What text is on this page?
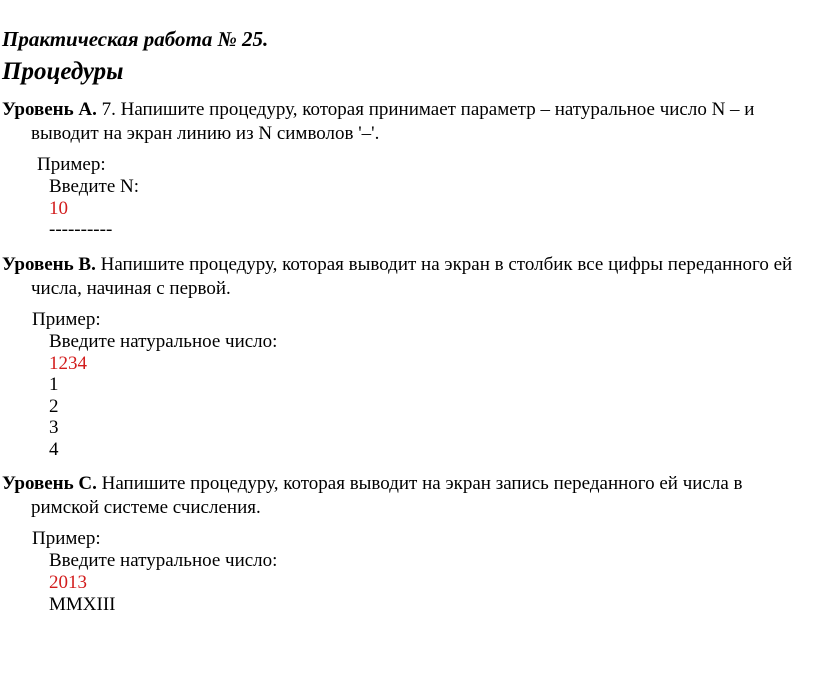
Практическая работа № 25.
Процедуры
Уровень A. 7. Напишите процедуру, которая принимает параметр – натуральное число N – и выводит на экран линию из N символов '–'.
Пример:
Введите N:
10
----------
Уровень B. Напишите процедуру, которая выводит на экран в столбик все цифры переданного ей числа, начиная с первой.
Пример:
Введите натуральное число:
1234
1
2
3
4
Уровень C. Напишите процедуру, которая выводит на экран запись переданного ей числа в римской системе счисления.
Пример:
Введите натуральное число:
2013
MMXIII
